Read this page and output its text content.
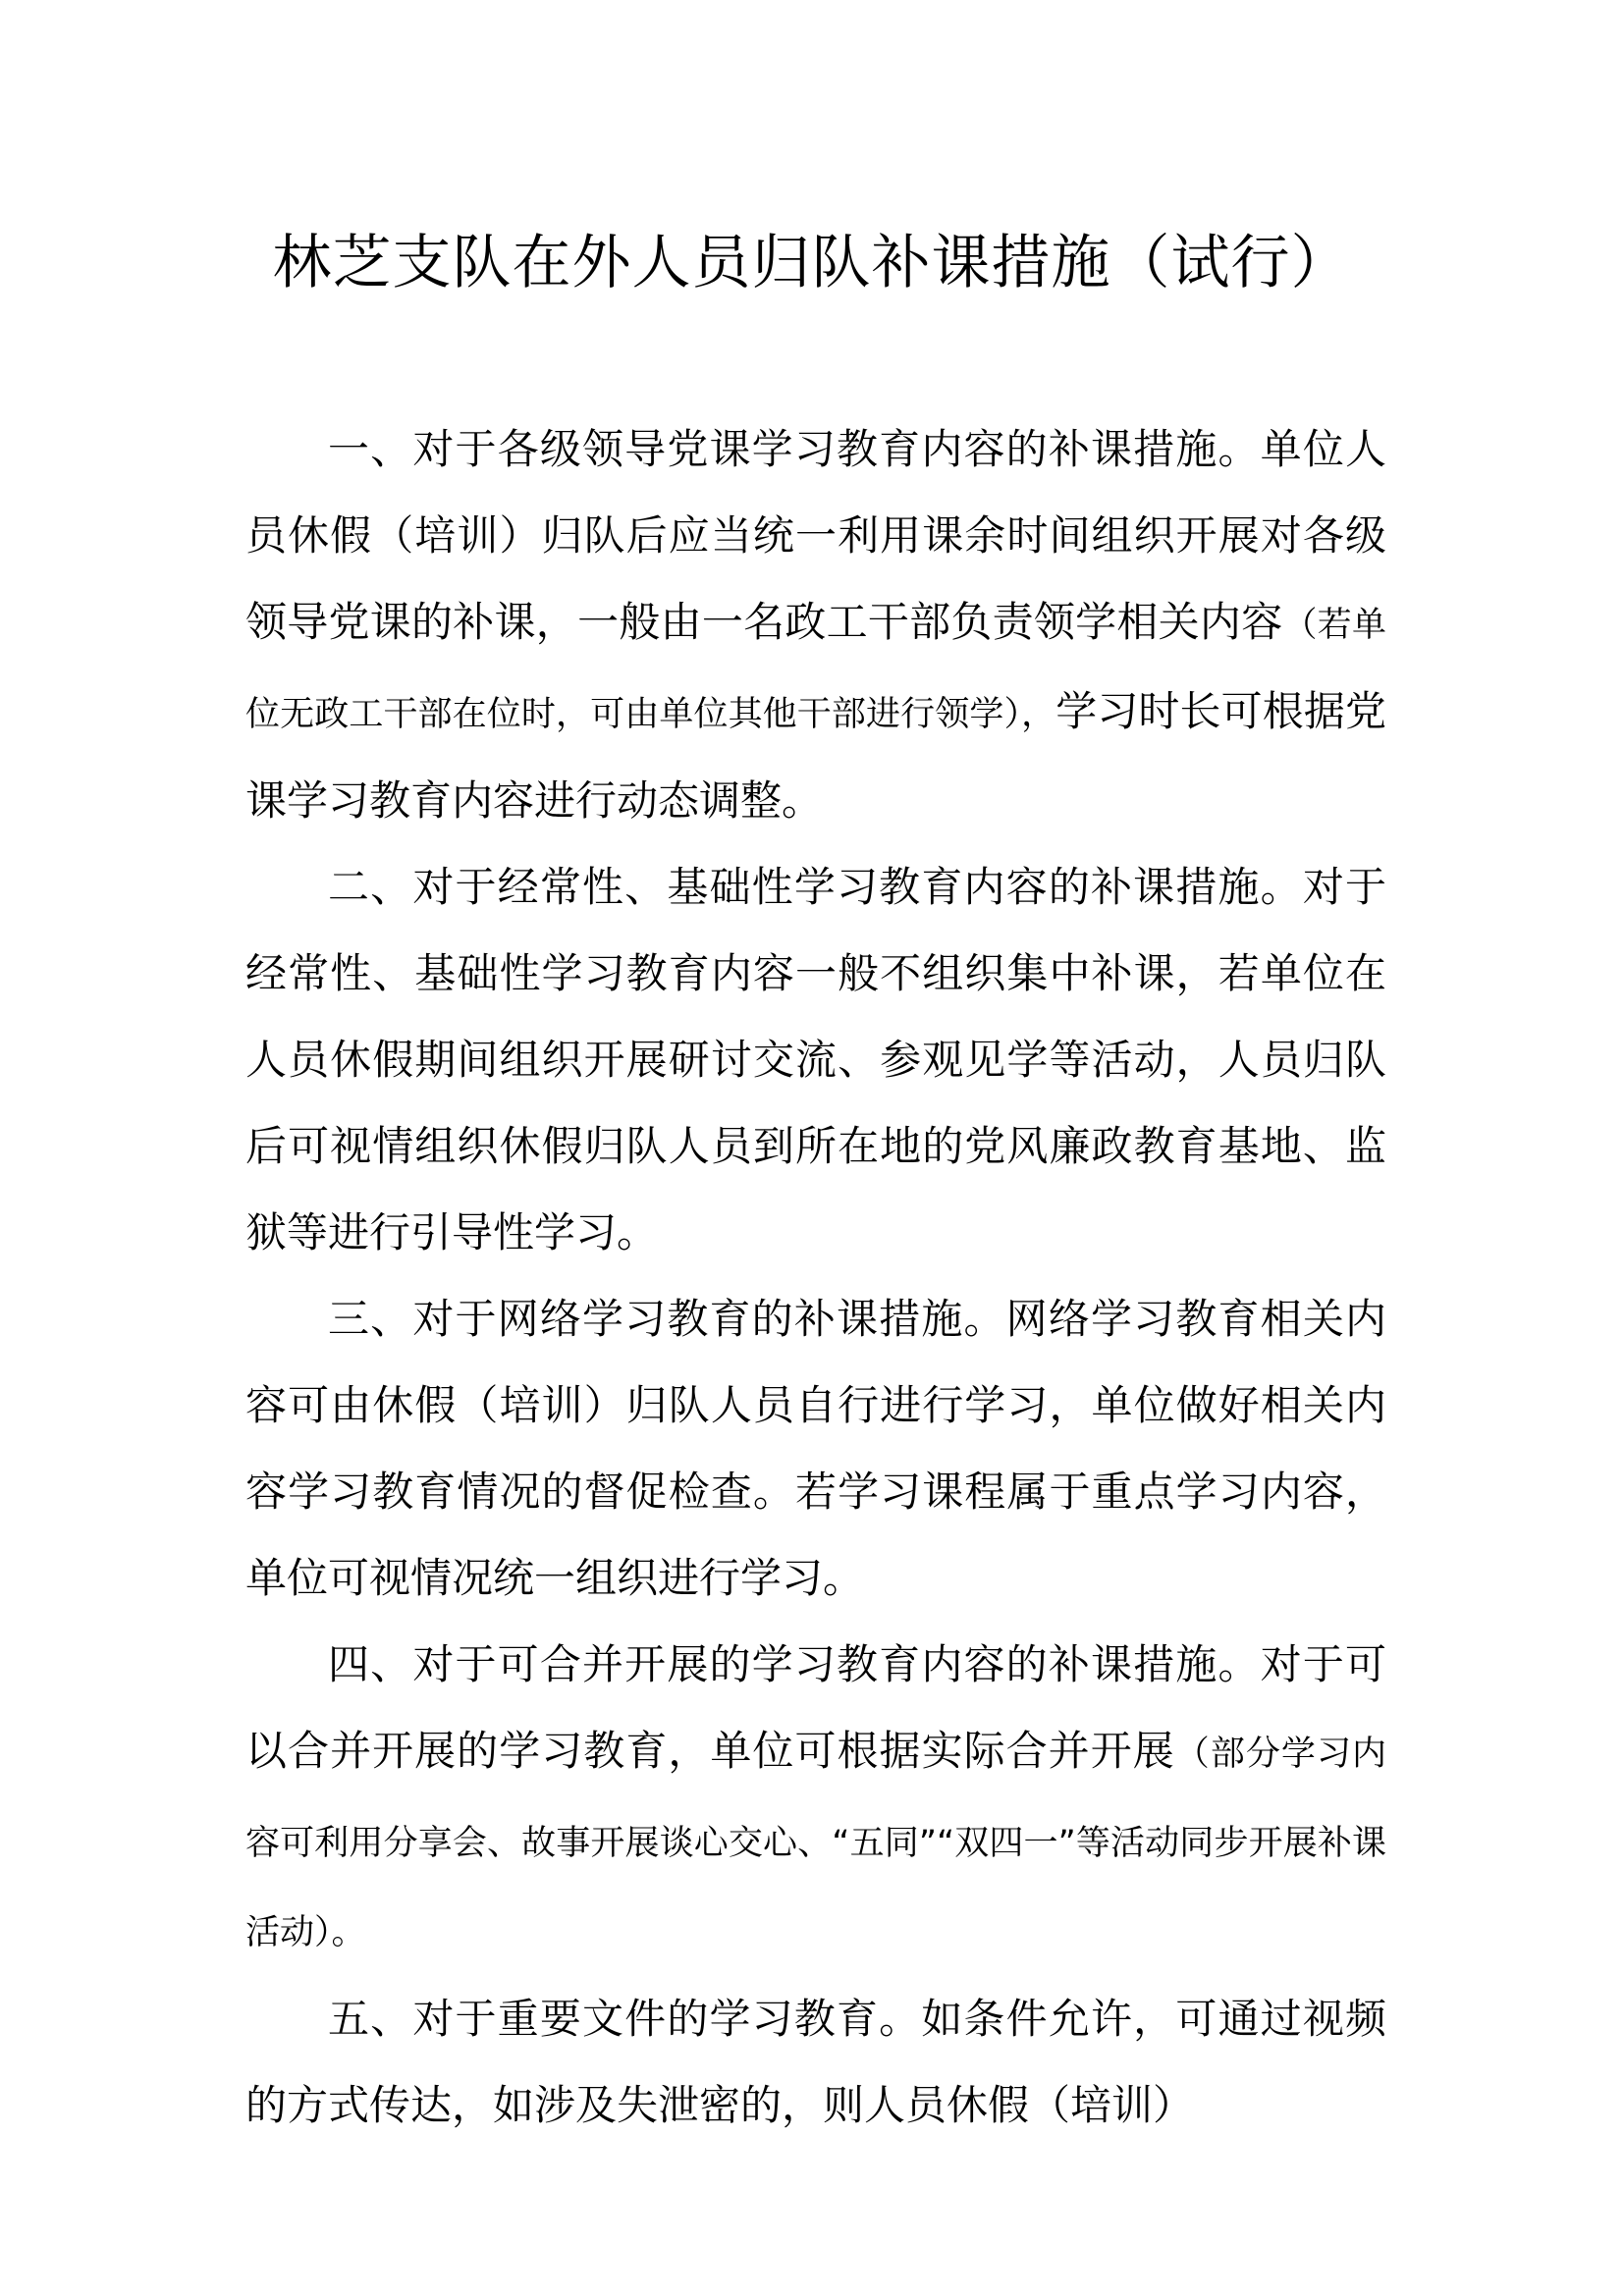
林芝支队在外人员归队补课措施（试行）

一、对于各级领导党课学习教育内容的补课措施。单位人员休假（培训）归队后应当统一利用课余时间组织开展对各级领导党课的补课，一般由一名政工干部负责领学相关内容（若单位无政工干部在位时，可由单位其他干部进行领学），学习时长可根据党课学习教育内容进行动态调整。

二、对于经常性、基础性学习教育内容的补课措施。对于经常性、基础性学习教育内容一般不组织集中补课，若单位在人员休假期间组织开展研讨交流、参观见学等活动，人员归队后可视情组织休假归队人员到所在地的党风廉政教育基地、监狱等进行引导性学习。

三、对于网络学习教育的补课措施。网络学习教育相关内容可由休假（培训）归队人员自行进行学习，单位做好相关内容学习教育情况的督促检查。若学习课程属于重点学习内容，单位可视情况统一组织进行学习。

四、对于可合并开展的学习教育内容的补课措施。对于可以合并开展的学习教育，单位可根据实际合并开展（部分学习内容可利用分享会、故事开展谈心交心、“五同”“双四一”等活动同步开展补课活动）。

五、对于重要文件的学习教育。如条件允许，可通过视频的方式传达，如涉及失泄密的，则人员休假（培训）
